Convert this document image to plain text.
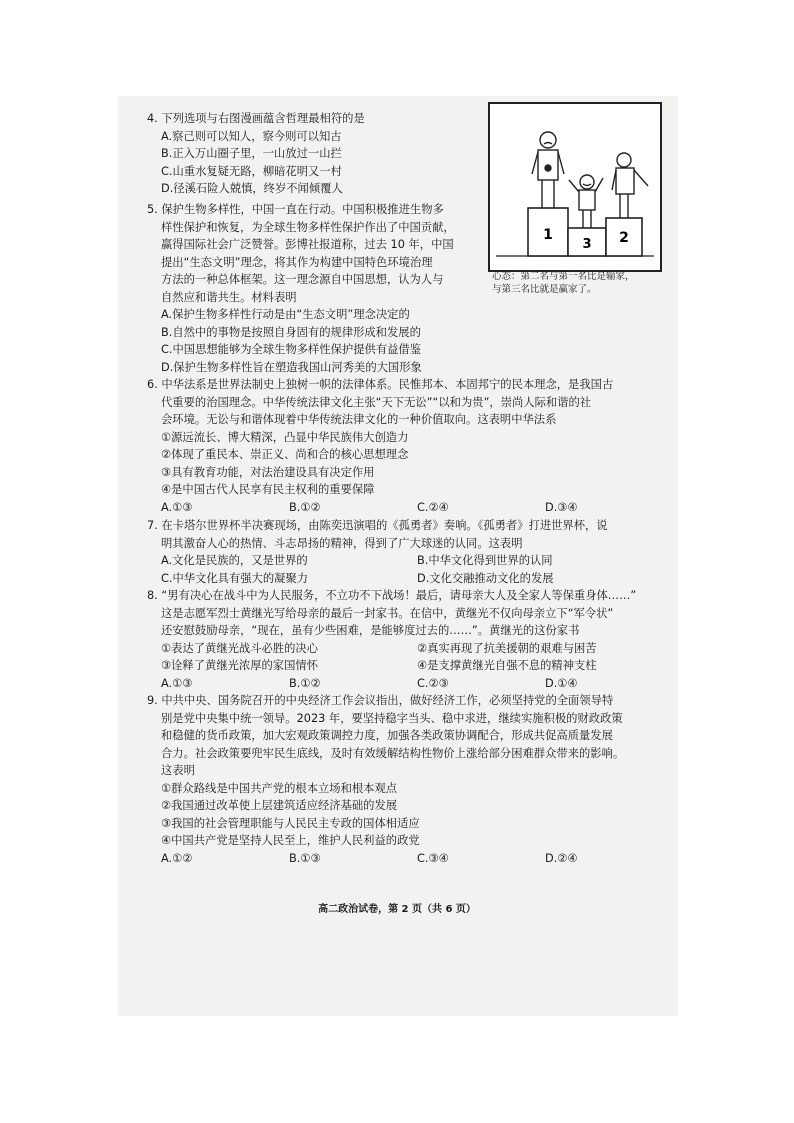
4. 下列选项与右图漫画蕴含哲理最相符的是
A.察己则可以知人，察今则可以知古
B.正入万山圈子里，一山放过一山拦
C.山重水复疑无路，柳暗花明又一村
D.径溪石险人兢慎，终岁不闻倾覆人
1
3 2
心态：第二名与第一名比是输家，
与第三名比就是赢家了。
5. 保护生物多样性，中国一直在行动。中国积极推进生物多
样性保护和恢复，为全球生物多样性保护作出了中国贡献，
赢得国际社会广泛赞誉。彭博社报道称，过去 10 年，中国
提出“生态文明”理念，将其作为构建中国特色环境治理
方法的一种总体框架。这一理念源自中国思想，认为人与
自然应和谐共生。材料表明
A.保护生物多样性行动是由“生态文明”理念决定的
B.自然中的事物是按照自身固有的规律形成和发展的
C.中国思想能够为全球生物多样性保护提供有益借鉴
D.保护生物多样性旨在塑造我国山河秀美的大国形象
6. 中华法系是世界法制史上独树一帜的法律体系。民惟邦本、本固邦宁的民本理念，是我国古
代重要的治国理念。中华传统法律文化主张“天下无讼”“以和为贵”，崇尚人际和谐的社
会环境。无讼与和谐体现着中华传统法律文化的一种价值取向。这表明中华法系
①源远流长、博大精深，凸显中华民族伟大创造力
②体现了重民本、崇正义、尚和合的核心思想理念
③具有教育功能，对法治建设具有决定作用
④是中国古代人民享有民主权利的重要保障
A.①③	B.①②	C.②④	D.③④
7. 在卡塔尔世界杯半决赛现场，由陈奕迅演唱的《孤勇者》奏响。《孤勇者》打进世界杯，说
明其激奋人心的热情、斗志昂扬的精神，得到了广大球迷的认同。这表明
A.文化是民族的，又是世界的	B.中华文化得到世界的认同
C.中华文化具有强大的凝聚力	D.文化交融推动文化的发展
8. “男有决心在战斗中为人民服务，不立功不下战场！最后，请母亲大人及全家人等保重身体……”
这是志愿军烈士黄继光写给母亲的最后一封家书。在信中，黄继光不仅向母亲立下“军令状”
还安慰鼓励母亲，“现在，虽有少些困难，是能够度过去的……”。黄继光的这份家书
①表达了黄继光战斗必胜的决心	②真实再现了抗美援朝的艰难与困苦
③诠释了黄继光浓厚的家国情怀	④是支撑黄继光自强不息的精神支柱
A.①③	B.①②	C.②③	D.①④
9. 中共中央、国务院召开的中央经济工作会议指出，做好经济工作，必须坚持党的全面领导特
别是党中央集中统一领导。2023 年，要坚持稳字当头、稳中求进，继续实施积极的财政政策
和稳健的货币政策，加大宏观政策调控力度，加强各类政策协调配合，形成共促高质量发展
合力。社会政策要兜牢民生底线，及时有效缓解结构性物价上涨给部分困难群众带来的影响。
这表明
①群众路线是中国共产党的根本立场和根本观点
②我国通过改革使上层建筑适应经济基础的发展
③我国的社会管理职能与人民民主专政的国体相适应
④中国共产党是坚持人民至上，维护人民利益的政党
A.①②	B.①③	C.③④	D.②④
高二政治试卷，第 2 页（共 6 页）
